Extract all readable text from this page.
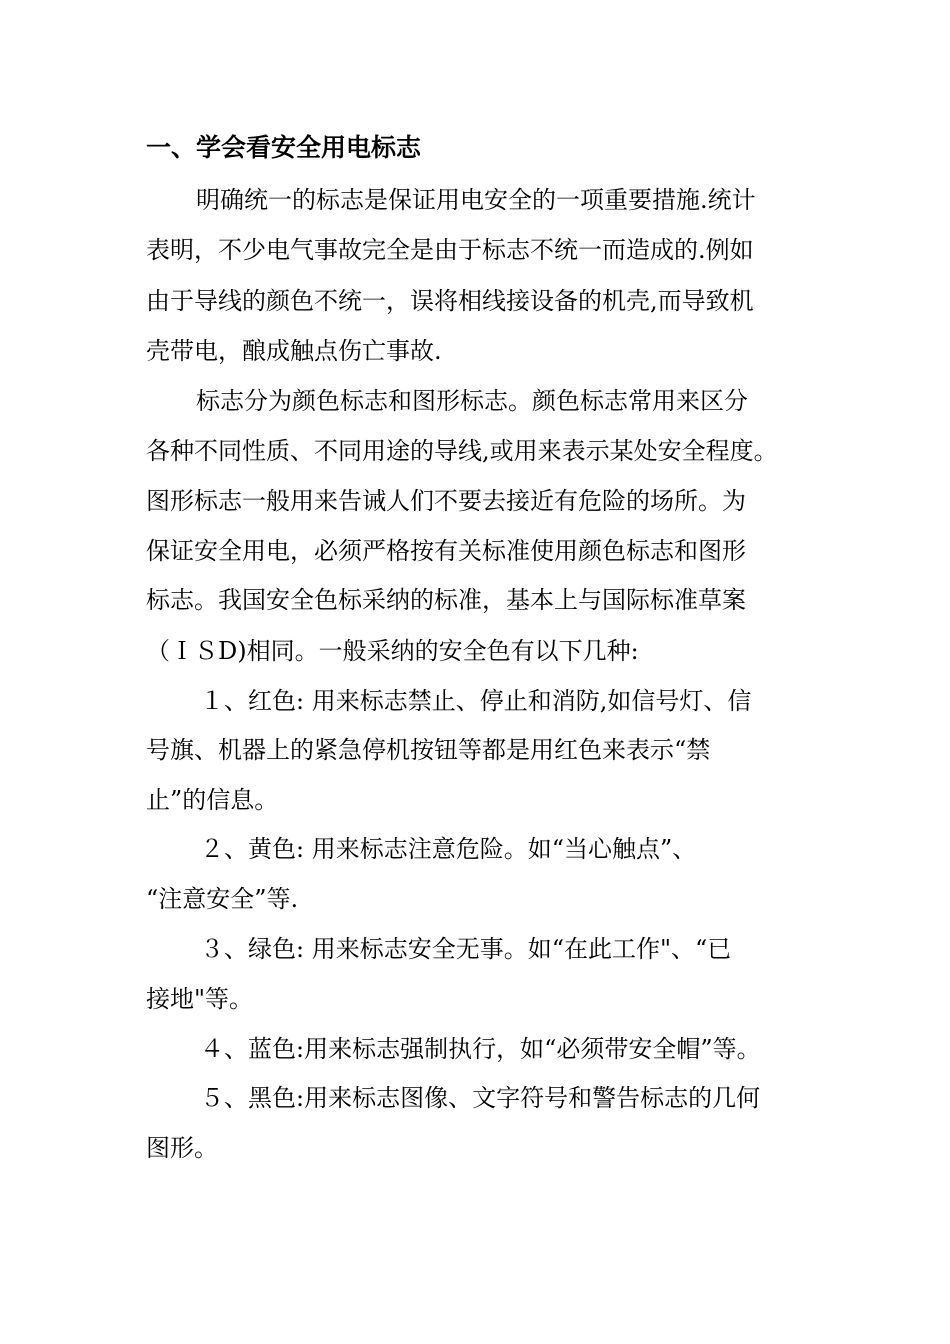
一、学会看安全用电标志
明确统一的标志是保证用电安全的一项重要措施.统计
表明，不少电气事故完全是由于标志不统一而造成的.例如
由于导线的颜色不统一，误将相线接设备的机壳,而导致机
壳带电，酿成触点伤亡事故.
标志分为颜色标志和图形标志。颜色标志常用来区分
各种不同性质、不同用途的导线,或用来表示某处安全程度。
图形标志一般用来告诫人们不要去接近有危险的场所。为
保证安全用电，必须严格按有关标准使用颜色标志和图形
标志。我国安全色标采纳的标准，基本上与国际标准草案
（ＩＳD)相同。一般采纳的安全色有以下几种:
１、红色: 用来标志禁止、停止和消防,如信号灯、信
号旗、机器上的紧急停机按钮等都是用红色来表示“禁
止”的信息。
２、黄色: 用来标志注意危险。如“当心触点”、
“注意安全”等.
３、绿色: 用来标志安全无事。如“在此工作"、“已
接地"等。
４、蓝色:用来标志强制执行，如“必须带安全帽”等。
５、黑色:用来标志图像、文字符号和警告标志的几何
图形。
